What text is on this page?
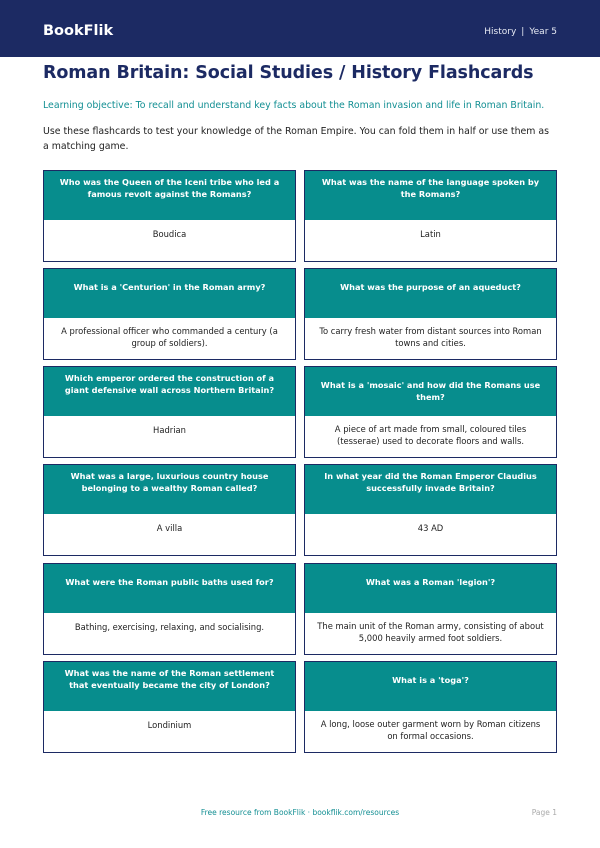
BookFlik	History | Year 5
Roman Britain: Social Studies / History Flashcards
Learning objective: To recall and understand key facts about the Roman invasion and life in Roman Britain.
Use these flashcards to test your knowledge of the Roman Empire. You can fold them in half or use them as a matching game.
Who was the Queen of the Iceni tribe who led a famous revolt against the Romans?
Boudica
What was the name of the language spoken by the Romans?
Latin
What is a 'Centurion' in the Roman army?
A professional officer who commanded a century (a group of soldiers).
What was the purpose of an aqueduct?
To carry fresh water from distant sources into Roman towns and cities.
Which emperor ordered the construction of a giant defensive wall across Northern Britain?
Hadrian
What is a 'mosaic' and how did the Romans use them?
A piece of art made from small, coloured tiles (tesserae) used to decorate floors and walls.
What was a large, luxurious country house belonging to a wealthy Roman called?
A villa
In what year did the Roman Emperor Claudius successfully invade Britain?
43 AD
What were the Roman public baths used for?
Bathing, exercising, relaxing, and socialising.
What was a Roman 'legion'?
The main unit of the Roman army, consisting of about 5,000 heavily armed foot soldiers.
What was the name of the Roman settlement that eventually became the city of London?
Londinium
What is a 'toga'?
A long, loose outer garment worn by Roman citizens on formal occasions.
Free resource from BookFlik · bookflik.com/resources	Page 1
